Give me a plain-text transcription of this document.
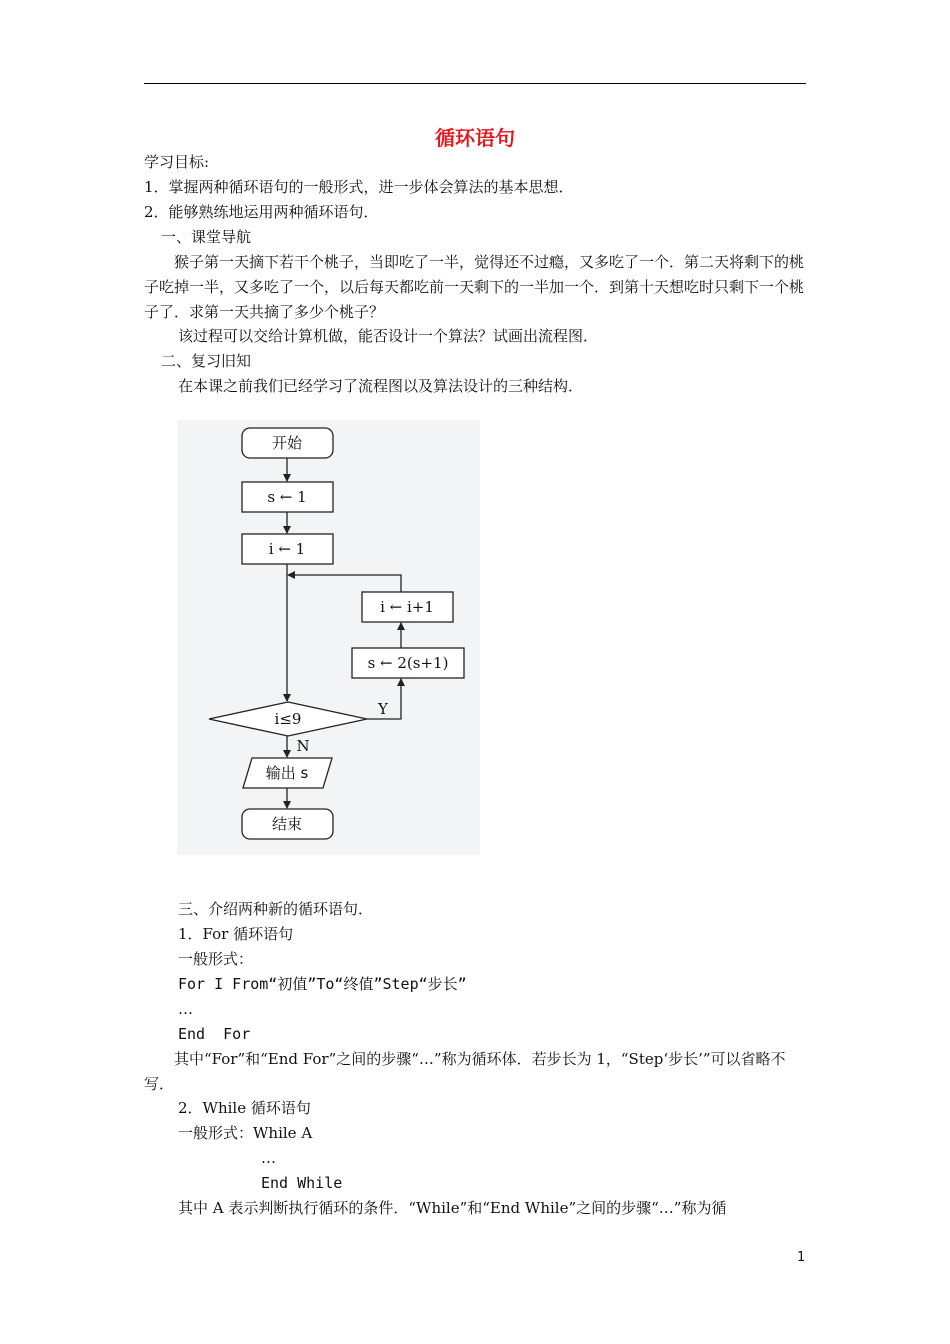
循环语句
学习目标:
1．掌握两种循环语句的一般形式，进一步体会算法的基本思想．
2．能够熟练地运用两种循环语句．
一、课堂导航
猴子第一天摘下若干个桃子，当即吃了一半，觉得还不过瘾，又多吃了一个．第二天将剩下的桃子吃掉一半，又多吃了一个，以后每天都吃前一天剩下的一半加一个．到第十天想吃时只剩下一个桃子了．求第一天共摘了多少个桃子？
该过程可以交给计算机做，能否设计一个算法？试画出流程图．
二、复习旧知
在本课之前我们已经学习了流程图以及算法设计的三种结构．
开始
s ← 1
i ← 1
i ← i+1
s ← 2(s+1)
i≤9
Y
N
输出 s
结束
三、介绍两种新的循环语句．
1．For 循环语句
一般形式：
For I From“初值”To“终值”Step“步长”
…
End  For
其中“For”和“End For”之间的步骤“…”称为循环体．若步长为 1，“Step‘步长’”可以省略不写．
2．While 循环语句
一般形式：While A
…
End While
其中 A 表示判断执行循环的条件．“While”和“End While”之间的步骤“…”称为循
1
